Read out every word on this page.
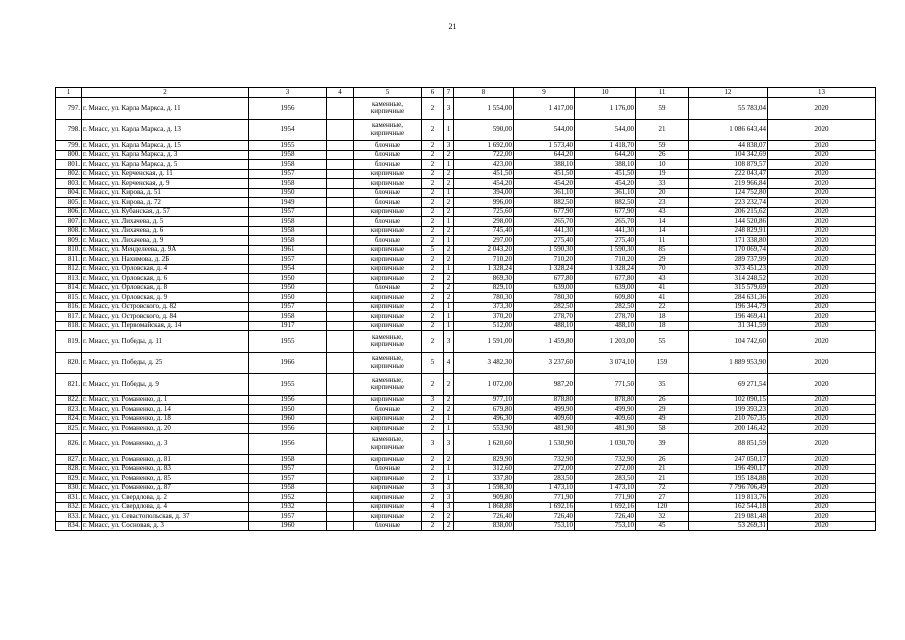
21
1	2	3	4	5	6	7	8	9	10	11	12	13
797.	г. Миасс, ул. Карла Маркса, д. 11	1956		каменные, кирпичные	2	3	1 554,00	1 417,00	1 176,00	59	55 783,04	2020
798.	г. Миасс, ул. Карла Маркса, д. 13	1954		каменные, кирпичные	2	1	590,00	544,00	544,00	21	1 086 643,44	2020
799.	г. Миасс, ул. Карла Маркса, д. 15	1955		блочные	2	3	1 692,00	1 573,40	1 418,70	59	44 838,07	2020
800.	г. Миасс, ул. Карла Маркса, д. 3	1958		блочные	2	2	722,00	644,20	644,20	26	104 342,69	2020
801.	г. Миасс, ул. Карла Маркса, д. 5	1958		блочные	2	1	423,00	388,10	388,10	10	108 879,57	2020
802.	г. Миасс, ул. Керченская, д. 11	1957		кирпичные	2	2	451,50	451,50	451,50	19	222 043,47	2020
803.	г. Миасс, ул. Керченская, д. 9	1958		кирпичные	2	2	454,20	454,20	454,20	33	219 966,84	2020
804.	г. Миасс, ул. Кирова, д. 51	1950		блочные	2	1	394,00	361,10	361,10	20	124 752,80	2020
805.	г. Миасс, ул. Кирова, д. 72	1949		блочные	2	2	996,00	882,50	882,50	23	223 232,74	2020
806.	г. Миасс, ул. Кубанская, д. 57	1957		кирпичные	2	2	725,60	677,90	677,90	43	206 215,62	2020
807.	г. Миасс, ул. Лихачева, д. 5	1958		блочные	2	1	298,00	265,70	265,70	14	144 520,86	2020
808.	г. Миасс, ул. Лихачева, д. 6	1958		кирпичные	2	2	745,40	441,30	441,30	14	248 829,91	2020
809.	г. Миасс, ул. Лихачева, д. 9	1958		блочные	2	1	297,00	275,40	275,40	11	171 338,80	2020
810.	г. Миасс, ул. Менделеева, д. 9А	1961		кирпичные	5	2	2 043,20	1 590,30	1 590,30	85	170 069,74	2020
811.	г. Миасс, ул. Нахимова, д. 2Б	1957		кирпичные	2	2	710,20	710,20	710,20	29	289 737,99	2020
812.	г. Миасс, ул. Орловская, д. 4	1954		кирпичные	2	1	1 328,24	1 328,24	1 328,24	70	373 451,23	2020
813.	г. Миасс, ул. Орловская, д. 6	1950		кирпичные	2	2	869,30	677,80	677,80	43	314 248,52	2020
814.	г. Миасс, ул. Орловская, д. 8	1950		блочные	2	2	829,10	639,00	639,00	41	315 579,69	2020
815.	г. Миасс, ул. Орловская, д. 9	1950		кирпичные	2	2	780,30	780,30	609,80	41	284 631,36	2020
816.	г. Миасс, ул. Островского, д. 82	1957		кирпичные	2	1	373,30	282,50	282,50	22	196 344,79	2020
817.	г. Миасс, ул. Островского, д. 84	1958		кирпичные	2	1	370,20	278,70	278,70	18	196 469,41	2020
818.	г. Миасс, ул. Первомайская, д. 14	1917		кирпичные	2	1	512,00	488,10	488,10	18	31 341,59	2020
819.	г. Миасс, ул. Победы, д. 11	1955		каменные, кирпичные	2	3	1 591,00	1 459,80	1 203,00	55	104 742,60	2020
820.	г. Миасс, ул. Победы, д. 25	1966		каменные, кирпичные	5	4	3 482,30	3 237,60	3 074,10	159	1 889 953,90	2020
821.	г. Миасс, ул. Победы, д. 9	1955		каменные, кирпичные	2	2	1 072,00	987,20	771,50	35	69 271,54	2020
822.	г. Миасс, ул. Романенко, д. 1	1956		кирпичные	3	2	977,10	878,80	878,80	26	102 090,15	2020
823.	г. Миасс, ул. Романенко, д. 14	1950		блочные	2	2	679,80	499,90	499,90	29	199 393,23	2020
824.	г. Миасс, ул. Романенко, д. 18	1960		кирпичные	2	1	496,30	409,60	409,60	49	210 767,35	2020
825.	г. Миасс, ул. Романенко, д. 20	1956		кирпичные	2	1	553,90	481,90	481,90	58	200 146,42	2020
826.	г. Миасс, ул. Романенко, д. 3	1956		каменные, кирпичные	3	3	1 620,60	1 530,90	1 030,70	39	88 851,59	2020
827.	г. Миасс, ул. Романенко, д. 81	1958		кирпичные	2	2	829,90	732,90	732,90	26	247 050,17	2020
828.	г. Миасс, ул. Романенко, д. 83	1957		блочные	2	1	312,60	272,00	272,00	21	196 490,17	2020
829.	г. Миасс, ул. Романенко, д. 85	1957		кирпичные	2	1	337,80	283,50	283,50	21	195 184,88	2020
830.	г. Миасс, ул. Романенко, д. 87	1958		кирпичные	3	3	1 598,30	1 473,10	1 473,10	72	7 796 706,49	2020
831.	г. Миасс, ул. Свердлова, д. 2	1952		кирпичные	2	3	909,80	771,90	771,90	27	119 813,76	2020
832.	г. Миасс, ул. Свердлова, д. 4	1932		кирпичные	4	3	1 868,88	1 692,16	1 692,16	120	162 544,18	2020
833.	г. Миасс, ул. Севастопольская, д. 37	1957		кирпичные	2	2	726,40	726,40	726,40	32	219 081,48	2020
834.	г. Миасс, ул. Сосновая, д. 3	1960		блочные	2	2	838,00	753,10	753,10	45	53 269,31	2020
